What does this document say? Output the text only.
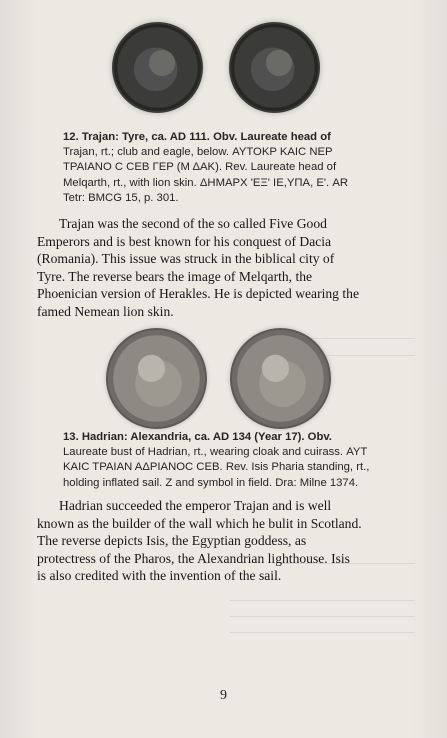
12. Trajan: Tyre, ca. AD 111. Obv. Laureate head of
Trajan, rt.; club and eagle, below. ΑΥΤΟΚΡ ΚΑΙϹ ΝΕΡ
ΤΡΑΙΑΝΟ Ϲ ϹΕΒ ΓΕΡ (Μ ΔΑΚ). Rev. Laureate head of
Melqarth, rt., with lion skin. ΔΗΜΑΡΧ 'ΕΞ' ΙΕ,ΥΠΑ, Ε'. AR
Tetr: BMCG 15, p. 301.
Trajan was the second of the so called Five Good
Emperors and is best known for his conquest of Dacia
(Romania). This issue was struck in the biblical city of
Tyre. The reverse bears the image of Melqarth, the
Phoenician version of Herakles. He is depicted wearing the
famed Nemean lion skin.
13. Hadrian: Alexandria, ca. AD 134 (Year 17). Obv.
Laureate bust of Hadrian, rt., wearing cloak and cuirass. ΑΥΤ
ΚΑΙϹ ΤΡΑΙΑΝ ΑΔΡΙΑΝΟϹ ϹΕΒ. Rev. Isis Pharia standing, rt.,
holding inflated sail. Z and symbol in field. Dra: Milne 1374.
Hadrian succeeded the emperor Trajan and is well
known as the builder of the wall which he bulit in Scotland.
The reverse depicts Isis, the Egyptian goddess, as
protectress of the Pharos, the Alexandrian lighthouse. Isis
is also credited with the invention of the sail.
9
